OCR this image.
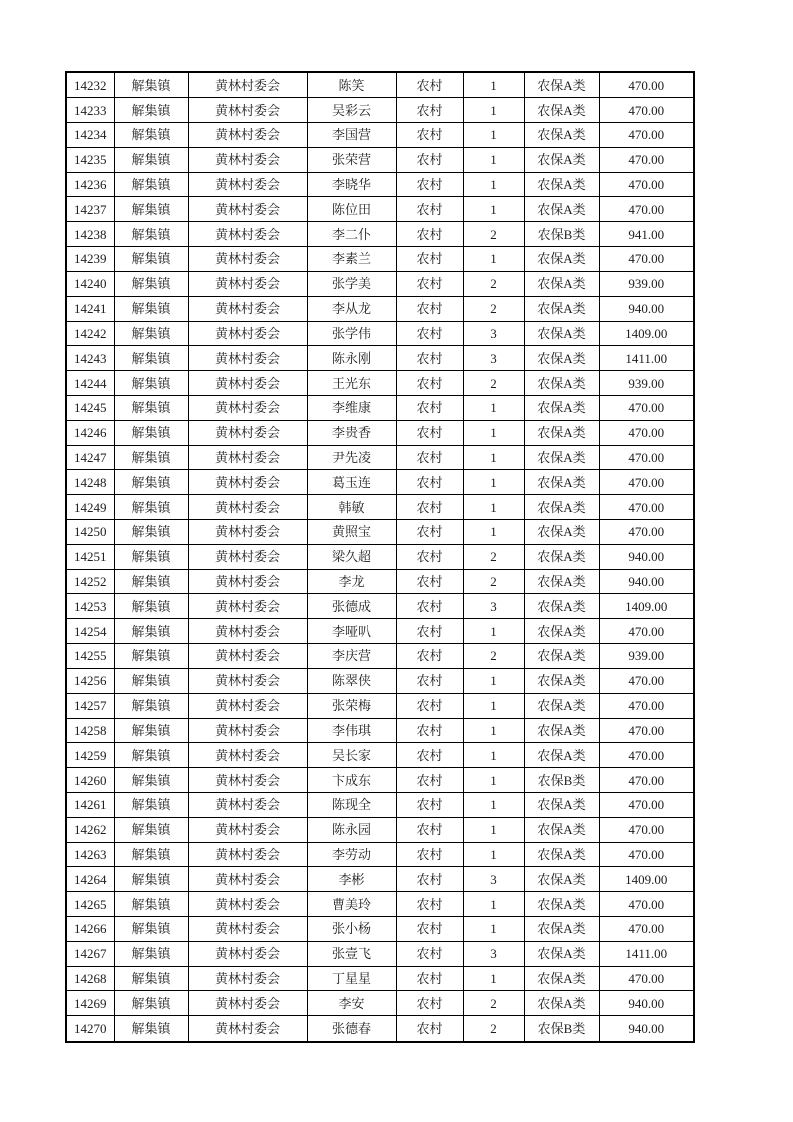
14232	解集镇	黄林村委会	陈笑	农村	1	农保A类	470.00
14233	解集镇	黄林村委会	吴彩云	农村	1	农保A类	470.00
14234	解集镇	黄林村委会	李国营	农村	1	农保A类	470.00
14235	解集镇	黄林村委会	张荣营	农村	1	农保A类	470.00
14236	解集镇	黄林村委会	李晓华	农村	1	农保A类	470.00
14237	解集镇	黄林村委会	陈位田	农村	1	农保A类	470.00
14238	解集镇	黄林村委会	李二仆	农村	2	农保B类	941.00
14239	解集镇	黄林村委会	李素兰	农村	1	农保A类	470.00
14240	解集镇	黄林村委会	张学美	农村	2	农保A类	939.00
14241	解集镇	黄林村委会	李从龙	农村	2	农保A类	940.00
14242	解集镇	黄林村委会	张学伟	农村	3	农保A类	1409.00
14243	解集镇	黄林村委会	陈永刚	农村	3	农保A类	1411.00
14244	解集镇	黄林村委会	王光东	农村	2	农保A类	939.00
14245	解集镇	黄林村委会	李维康	农村	1	农保A类	470.00
14246	解集镇	黄林村委会	李贵香	农村	1	农保A类	470.00
14247	解集镇	黄林村委会	尹先凌	农村	1	农保A类	470.00
14248	解集镇	黄林村委会	葛玉连	农村	1	农保A类	470.00
14249	解集镇	黄林村委会	韩敏	农村	1	农保A类	470.00
14250	解集镇	黄林村委会	黄照宝	农村	1	农保A类	470.00
14251	解集镇	黄林村委会	梁久超	农村	2	农保A类	940.00
14252	解集镇	黄林村委会	李龙	农村	2	农保A类	940.00
14253	解集镇	黄林村委会	张德成	农村	3	农保A类	1409.00
14254	解集镇	黄林村委会	李哑叭	农村	1	农保A类	470.00
14255	解集镇	黄林村委会	李庆营	农村	2	农保A类	939.00
14256	解集镇	黄林村委会	陈翠侠	农村	1	农保A类	470.00
14257	解集镇	黄林村委会	张荣梅	农村	1	农保A类	470.00
14258	解集镇	黄林村委会	李伟琪	农村	1	农保A类	470.00
14259	解集镇	黄林村委会	吴长家	农村	1	农保A类	470.00
14260	解集镇	黄林村委会	卞成东	农村	1	农保B类	470.00
14261	解集镇	黄林村委会	陈现全	农村	1	农保A类	470.00
14262	解集镇	黄林村委会	陈永园	农村	1	农保A类	470.00
14263	解集镇	黄林村委会	李劳动	农村	1	农保A类	470.00
14264	解集镇	黄林村委会	李彬	农村	3	农保A类	1409.00
14265	解集镇	黄林村委会	曹美玲	农村	1	农保A类	470.00
14266	解集镇	黄林村委会	张小杨	农村	1	农保A类	470.00
14267	解集镇	黄林村委会	张壹飞	农村	3	农保A类	1411.00
14268	解集镇	黄林村委会	丁星星	农村	1	农保A类	470.00
14269	解集镇	黄林村委会	李安	农村	2	农保A类	940.00
14270	解集镇	黄林村委会	张德春	农村	2	农保B类	940.00
